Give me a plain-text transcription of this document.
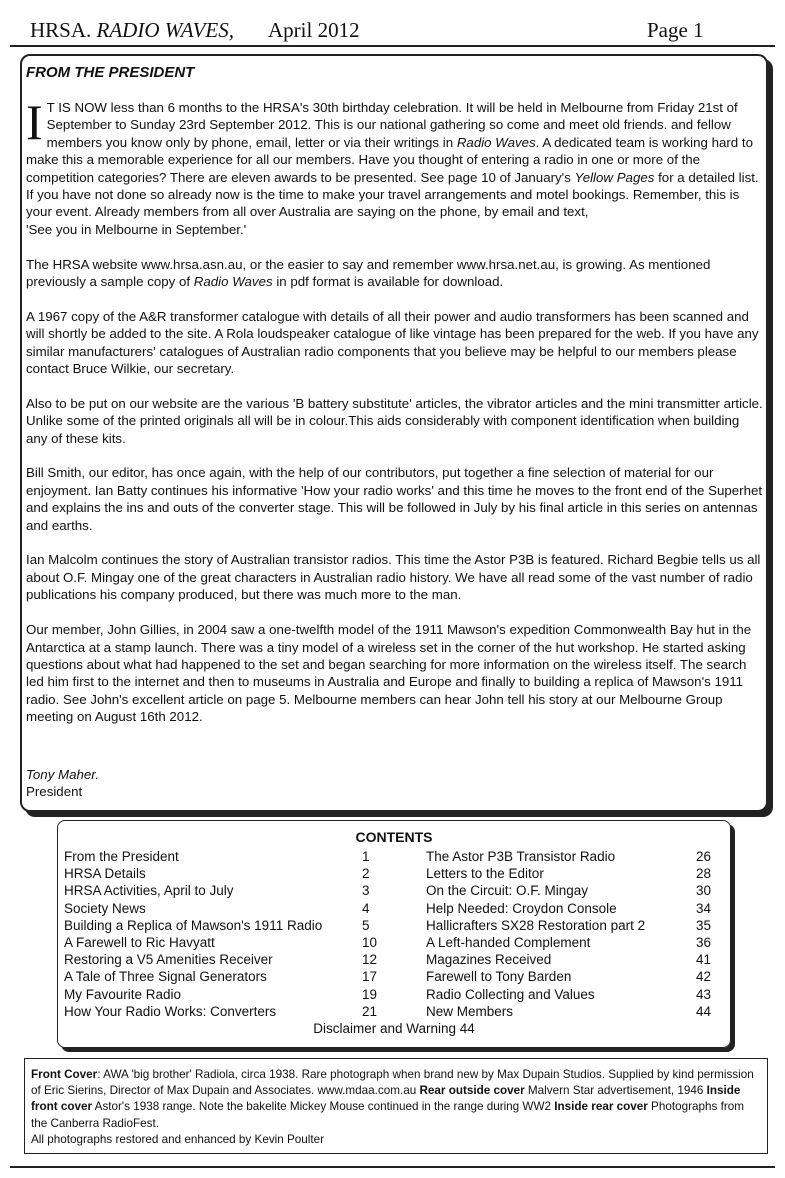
HRSA. RADIO WAVES, April 2012	Page 1
FROM THE PRESIDENT

I T IS NOW less than 6 months to the HRSA's 30th birthday celebration. It will be held in Melbourne from Friday 21st of September to Sunday 23rd September 2012. This is our national gathering so come and meet old friends. and fellow members you know only by phone, email, letter or via their writings in Radio Waves. A dedicated team is working hard to make this a memorable experience for all our members. Have you thought of entering a radio in one or more of the competition categories? There are eleven awards to be presented. See page 10 of January's Yellow Pages for a detailed list. If you have not done so already now is the time to make your travel arrangements and motel bookings. Remember, this is your event. Already members from all over Australia are saying on the phone, by email and text,
'See you in Melbourne in September.'

The HRSA website www.hrsa.asn.au, or the easier to say and remember www.hrsa.net.au, is growing. As mentioned previously a sample copy of Radio Waves in pdf format is available for download.

A 1967 copy of the A&R transformer catalogue with details of all their power and audio transformers has been scanned and will shortly be added to the site. A Rola loudspeaker catalogue of like vintage has been prepared for the web. If you have any similar manufacturers' catalogues of Australian radio components that you believe may be helpful to our members please contact Bruce Wilkie, our secretary.

Also to be put on our website are the various 'B battery substitute' articles, the vibrator articles and the mini transmitter article. Unlike some of the printed originals all will be in colour.This aids considerably with component identification when building any of these kits.

Bill Smith, our editor, has once again, with the help of our contributors, put together a fine selection of material for our enjoyment. Ian Batty continues his informative 'How your radio works' and this time he moves to the front end of the Superhet and explains the ins and outs of the converter stage. This will be followed in July by his final article in this series on antennas and earths.

Ian Malcolm continues the story of Australian transistor radios. This time the Astor P3B is featured. Richard Begbie tells us all about O.F. Mingay one of the great characters in Australian radio history. We have all read some of the vast number of radio publications his company produced, but there was much more to the man.

Our member, John Gillies, in 2004 saw a one-twelfth model of the 1911 Mawson's expedition Commonwealth Bay hut in the Antarctica at a stamp launch. There was a tiny model of a wireless set in the corner of the hut workshop. He started asking questions about what had happened to the set and began searching for more information on the wireless itself. The search led him first to the internet and then to museums in Australia and Europe and finally to building a replica of Mawson's 1911 radio. See John's excellent article on page 5. Melbourne members can hear John tell his story at our Melbourne Group meeting on August 16th 2012.

Tony Maher.
President
CONTENTS
From the President	1
HRSA Details	2
HRSA Activities, April to July	3
Society News	4
Building a Replica of Mawson's 1911 Radio	5
A Farewell to Ric Havyatt	10
Restoring a V5 Amenities Receiver	12
A Tale of Three Signal Generators	17
My Favourite Radio	19
How Your Radio Works: Converters	21
The Astor P3B Transistor Radio	26
Letters to the Editor	28
On the Circuit: O.F. Mingay	30
Help Needed: Croydon Console	34
Hallicrafters SX28 Restoration part 2	35
A Left-handed Complement	36
Magazines Received	41
Farewell to Tony Barden	42
Radio Collecting and Values	43
New Members	44
Disclaimer and Warning 44
Front Cover: AWA 'big brother' Radiola, circa 1938. Rare photograph when brand new by Max Dupain Studios. Supplied by kind permission of Eric Sierins, Director of Max Dupain and Associates. www.mdaa.com.au Rear outside cover Malvern Star advertisement, 1946 Inside front cover Astor's 1938 range. Note the bakelite Mickey Mouse continued in the range during WW2 Inside rear cover Photographs from the Canberra RadioFest.
All photographs restored and enhanced by Kevin Poulter
